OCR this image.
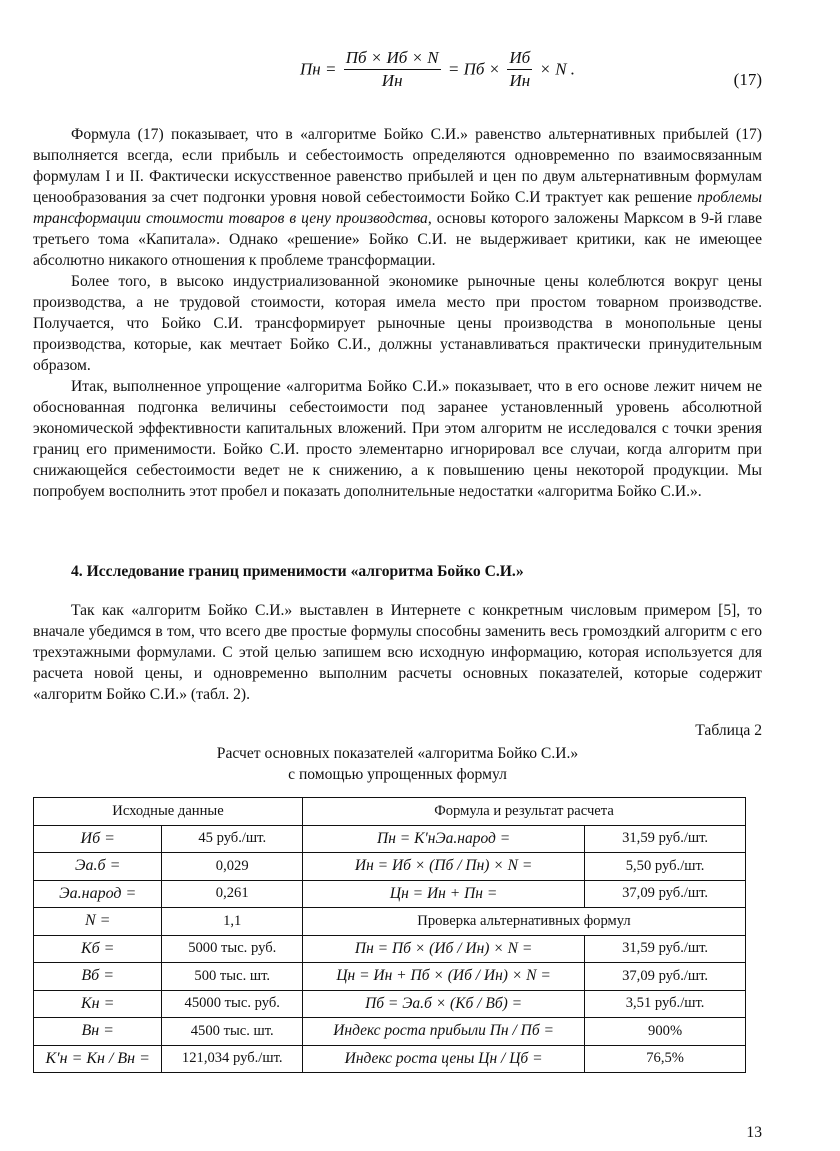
Пн = $\frac{Пб \times Иб \times N}{Ин}$ = Пб × $\frac{Иб}{Ин} \times N$ .
(17)

Формула (17) показывает, что в «алгоритме Бойко С.И.» равенство альтернативных прибылей (17) выполняется всегда, если прибыль и себестоимость определяются одновременно по взаимосвязанным формулам I и II. Фактически искусственное равенство прибылей и цен по двум альтернативным формулам ценообразования за счет подгонки уровня новой себестоимости Бойко С.И трактует как решение проблемы трансформации стоимости товаров в цену производства, основы которого заложены Марксом в 9-й главе третьего тома «Капитала». Однако «решение» Бойко С.И. не выдерживает критики, как не имеющее абсолютно никакого отношения к проблеме трансформации.

Более того, в высоко индустриализованной экономике рыночные цены колеблются вокруг цены производства, а не трудовой стоимости, которая имела место при простом товарном производстве. Получается, что Бойко С.И. трансформирует рыночные цены производства в монопольные цены производства, которые, как мечтает Бойко С.И., должны устанавливаться практически принудительным образом.

Итак, выполненное упрощение «алгоритма Бойко С.И.» показывает, что в его основе лежит ничем не обоснованная подгонка величины себестоимости под заранее установленный уровень абсолютной экономической эффективности капитальных вложений. При этом алгоритм не исследовался с точки зрения границ его применимости. Бойко С.И. просто элементарно игнорировал все случаи, когда алгоритм при снижающейся себестоимости ведет не к снижению, а к повышению цены некоторой продукции. Мы попробуем восполнить этот пробел и показать дополнительные недостатки «алгоритма Бойко С.И.».

4. Исследование границ применимости «алгоритма Бойко С.И.»

Так как «алгоритм Бойко С.И.» выставлен в Интернете с конкретным числовым примером [5], то вначале убедимся в том, что всего две простые формулы способны заменить весь громоздкий алгоритм с его трехэтажными формулами. С этой целью запишем всю исходную информацию, которая используется для расчета новой цены, и одновременно выполним расчеты основных показателей, которые содержит «алгоритм Бойко С.И.» (табл. 2).

Таблица 2
Расчет основных показателей «алгоритма Бойко С.И.»
с помощью упрощенных формул
Исходные данные		Формула и результат расчета	
Иб =	45 руб./шт.	Пн = К′нЭа.народ =	31,59 руб./шт.
Эа.б =	0,029	Ин = Иб × (Пб / Пн) × N =	5,50 руб./шт.
Эа.народ =	0,261	Цн = Ин + Пн =	37,09 руб./шт.
N =	1,1	Проверка альтернативных формул	
Кб =	5000 тыс. руб.	Пн = Пб × (Иб / Ин) × N =	31,59 руб./шт.
Вб =	500 тыс. шт.	Цн = Ин + Пб × (Иб / Ин) × N =	37,09 руб./шт.
Кн =	45000 тыс. руб.	Пб = Эа.б × (Кб / Вб) =	3,51 руб./шт.
Вн =	4500 тыс. шт.	Индекс роста прибыли Пн / Пб =	900%
К′н = Кн / Вн =	121,034 руб./шт.	Индекс роста цены Цн / Цб =	76,5%
13
